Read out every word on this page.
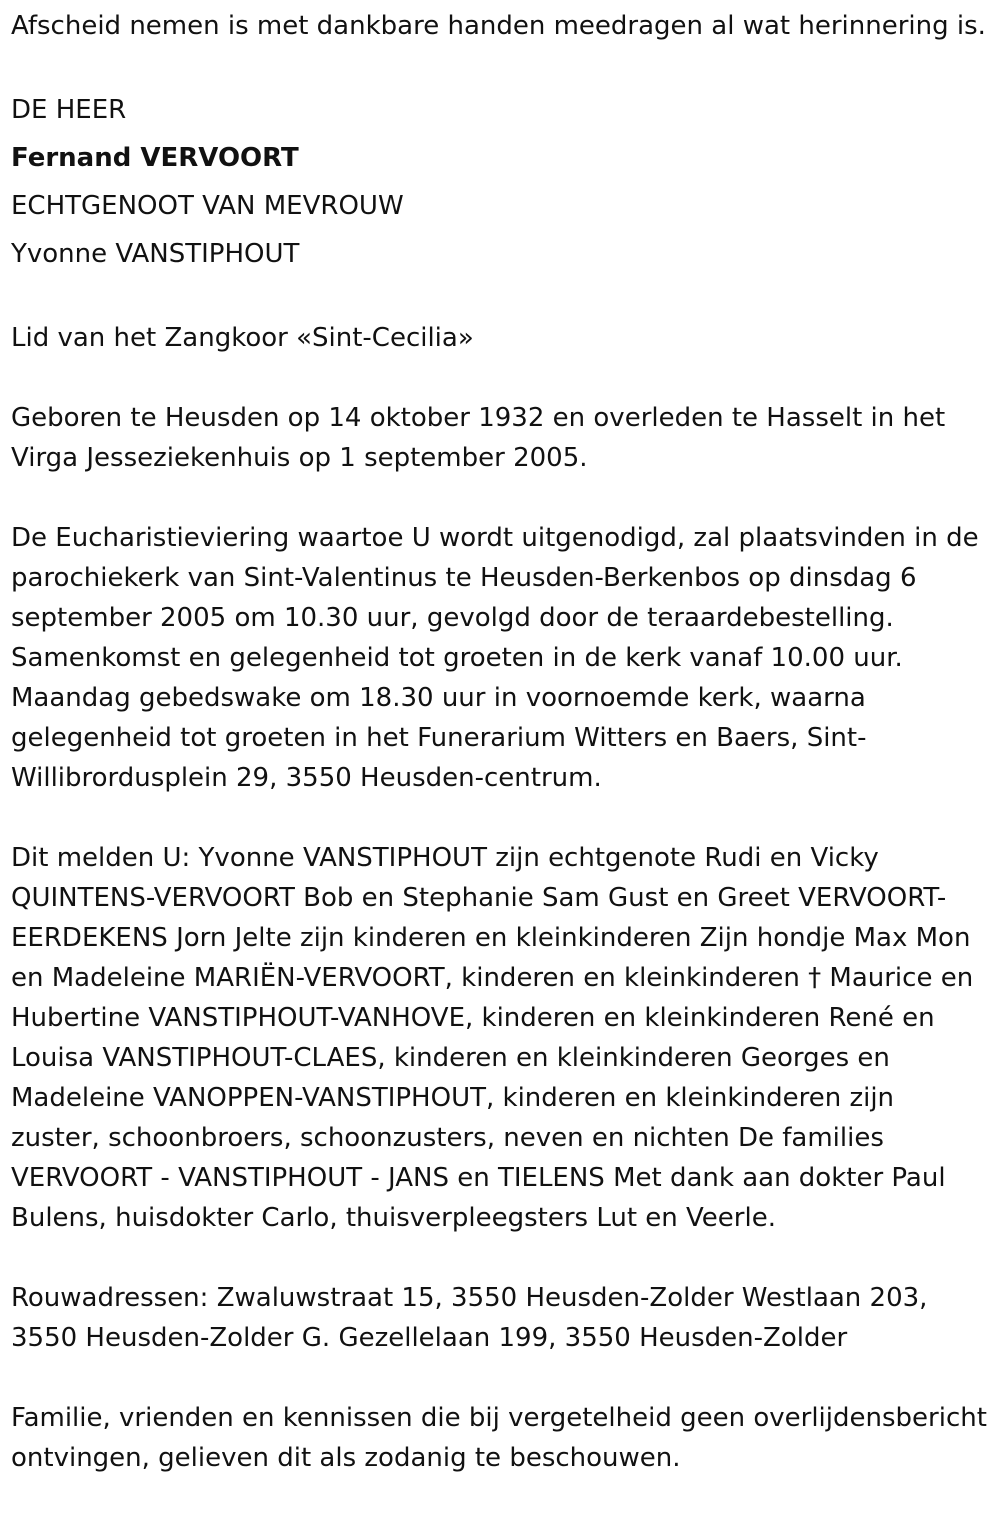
Afscheid nemen is met dankbare handen meedragen al wat herinnering is.

DE HEER

Fernand VERVOORT

ECHTGENOOT VAN MEVROUW

Yvonne VANSTIPHOUT

Lid van het Zangkoor «Sint-Cecilia»

Geboren te Heusden op 14 oktober 1932 en overleden te Hasselt in het Virga Jesseziekenhuis op 1 september 2005.

De Eucharistieviering waartoe U wordt uitgenodigd, zal plaatsvinden in de parochiekerk van Sint-Valentinus te Heusden-Berkenbos op dinsdag 6 september 2005 om 10.30 uur, gevolgd door de teraardebestelling. Samenkomst en gelegenheid tot groeten in de kerk vanaf 10.00 uur. Maandag gebedswake om 18.30 uur in voornoemde kerk, waarna gelegenheid tot groeten in het Funerarium Witters en Baers, Sint-Willibrordusplein 29, 3550 Heusden-centrum.

Dit melden U: Yvonne VANSTIPHOUT zijn echtgenote Rudi en Vicky QUINTENS-VERVOORT Bob en Stephanie Sam Gust en Greet VERVOORT-EERDEKENS Jorn Jelte zijn kinderen en kleinkinderen Zijn hondje Max Mon en Madeleine MARIËN-VERVOORT, kinderen en kleinkinderen † Maurice en Hubertine VANSTIPHOUT-VANHOVE, kinderen en kleinkinderen René en Louisa VANSTIPHOUT-CLAES, kinderen en kleinkinderen Georges en Madeleine VANOPPEN-VANSTIPHOUT, kinderen en kleinkinderen zijn zuster, schoonbroers, schoonzusters, neven en nichten De families VERVOORT - VANSTIPHOUT - JANS en TIELENS Met dank aan dokter Paul Bulens, huisdokter Carlo, thuisverpleegsters Lut en Veerle.

Rouwadressen: Zwaluwstraat 15, 3550 Heusden-Zolder Westlaan 203, 3550 Heusden-Zolder G. Gezellelaan 199, 3550 Heusden-Zolder

Familie, vrienden en kennissen die bij vergetelheid geen overlijdensbericht ontvingen, gelieven dit als zodanig te beschouwen.
